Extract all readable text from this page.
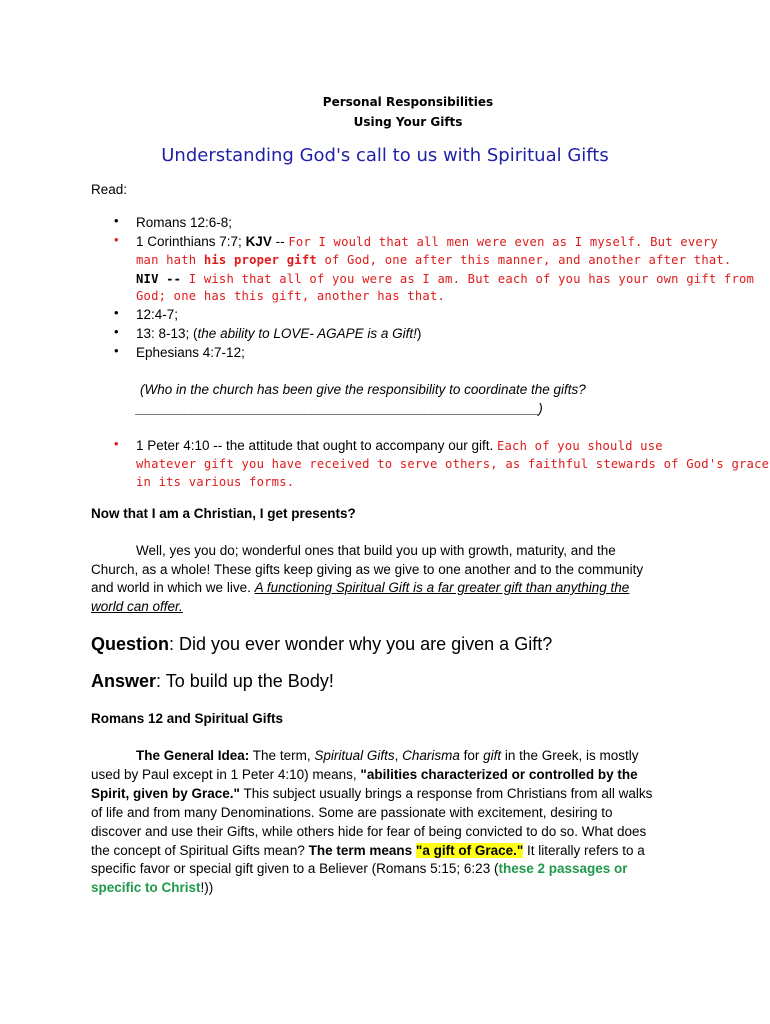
Personal Responsibilities
Using Your Gifts
Understanding God's call to us with Spiritual Gifts
Read:
• Romans 12:6-8;
• 1 Corinthians 7:7; KJV -- For I would that all men were even as I myself. But every
man hath his proper gift of God, one after this manner, and another after that.
NIV -- I wish that all of you were as I am. But each of you has your own gift from
God; one has this gift, another has that.
• 12:4-7;
• 13: 8-13; (the ability to LOVE- AGAPE is a Gift!)
• Ephesians 4:7-12;
(Who in the church has been give the responsibility to coordinate the gifts?
_________________________________________________________)
• 1 Peter 4:10 -- the attitude that ought to accompany our gift. Each of you should use
whatever gift you have received to serve others, as faithful stewards of God's grace
in its various forms.
Now that I am a Christian, I get presents?
Well, yes you do; wonderful ones that build you up with growth, maturity, and the
Church, as a whole! These gifts keep giving as we give to one another and to the community
and world in which we live. A functioning Spiritual Gift is a far greater gift than anything the
world can offer.
Question: Did you ever wonder why you are given a Gift?
Answer: To build up the Body!
Romans 12 and Spiritual Gifts
The General Idea: The term, Spiritual Gifts, Charisma for gift in the Greek, is mostly
used by Paul except in 1 Peter 4:10) means, "abilities characterized or controlled by the
Spirit, given by Grace." This subject usually brings a response from Christians from all walks
of life and from many Denominations. Some are passionate with excitement, desiring to
discover and use their Gifts, while others hide for fear of being convicted to do so. What does
the concept of Spiritual Gifts mean? The term means "a gift of Grace." It literally refers to a
specific favor or special gift given to a Believer (Romans 5:15; 6:23 (these 2 passages or
specific to Christ!))
